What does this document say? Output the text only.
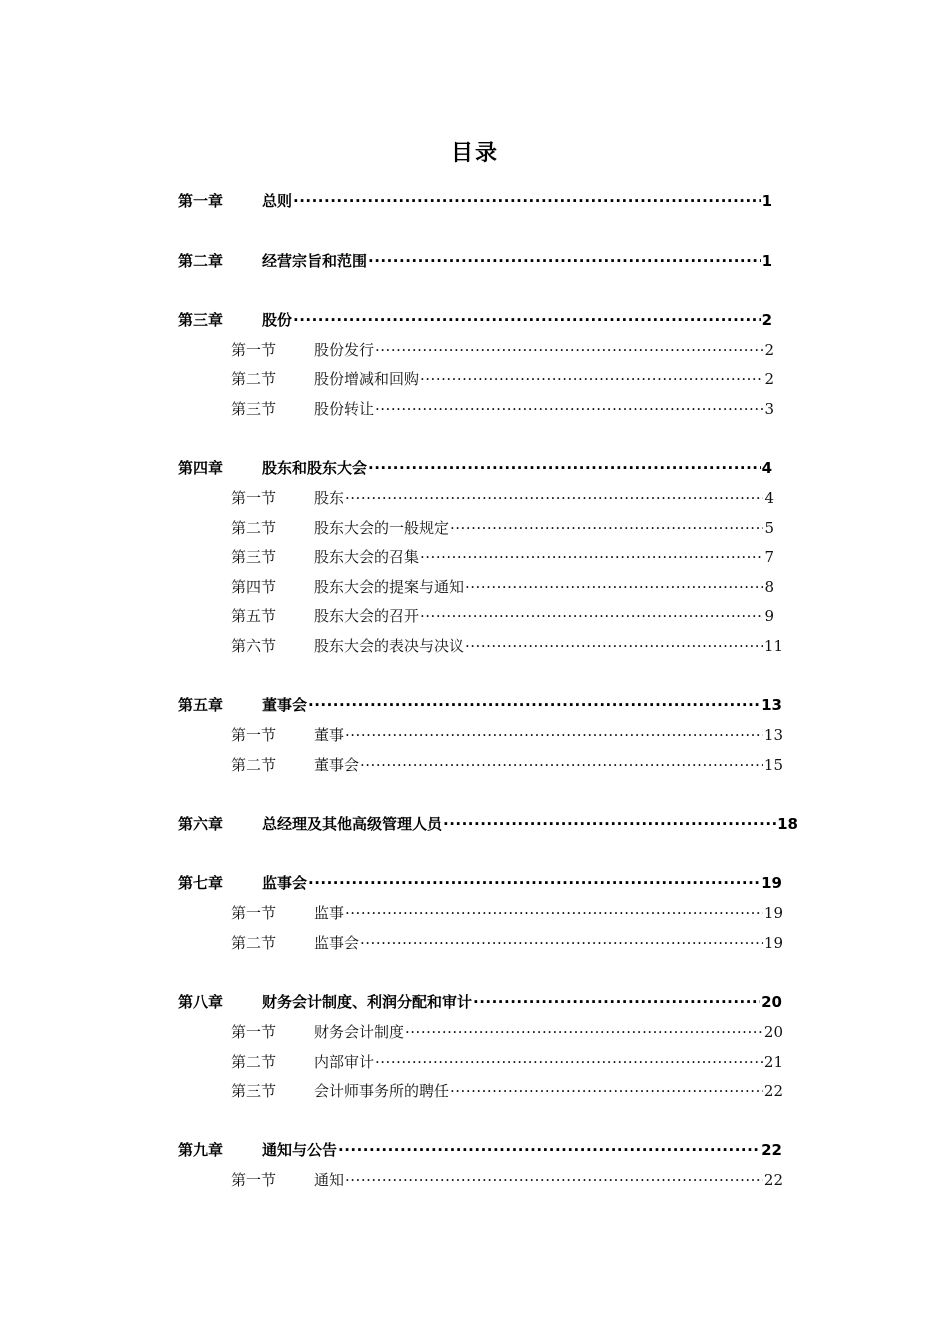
目录
第一章	总则 ·····	1
第二章	经营宗旨和范围 ·····	1
第三章	股份 ·····	2
第一节	股份发行 ·····	2
第二节	股份增减和回购 ·····	2
第三节	股份转让 ·····	3
第四章	股东和股东大会 ·····	4
第一节	股东 ·····	4
第二节	股东大会的一般规定 ·····	5
第三节	股东大会的召集 ·····	7
第四节	股东大会的提案与通知 ·····	8
第五节	股东大会的召开 ·····	9
第六节	股东大会的表决与决议 ·····	11
第五章	董事会 ·····	13
第一节	董事 ·····	13
第二节	董事会 ·····	15
第六章	总经理及其他高级管理人员 ·····	18
第七章	监事会 ·····	19
第一节	监事 ·····	19
第二节	监事会 ·····	19
第八章	财务会计制度、利润分配和审计 ·····	20
第一节	财务会计制度 ·····	20
第二节	内部审计 ·····	21
第三节	会计师事务所的聘任 ·····	22
第九章	通知与公告 ·····	22
第一节	通知 ·····	22
